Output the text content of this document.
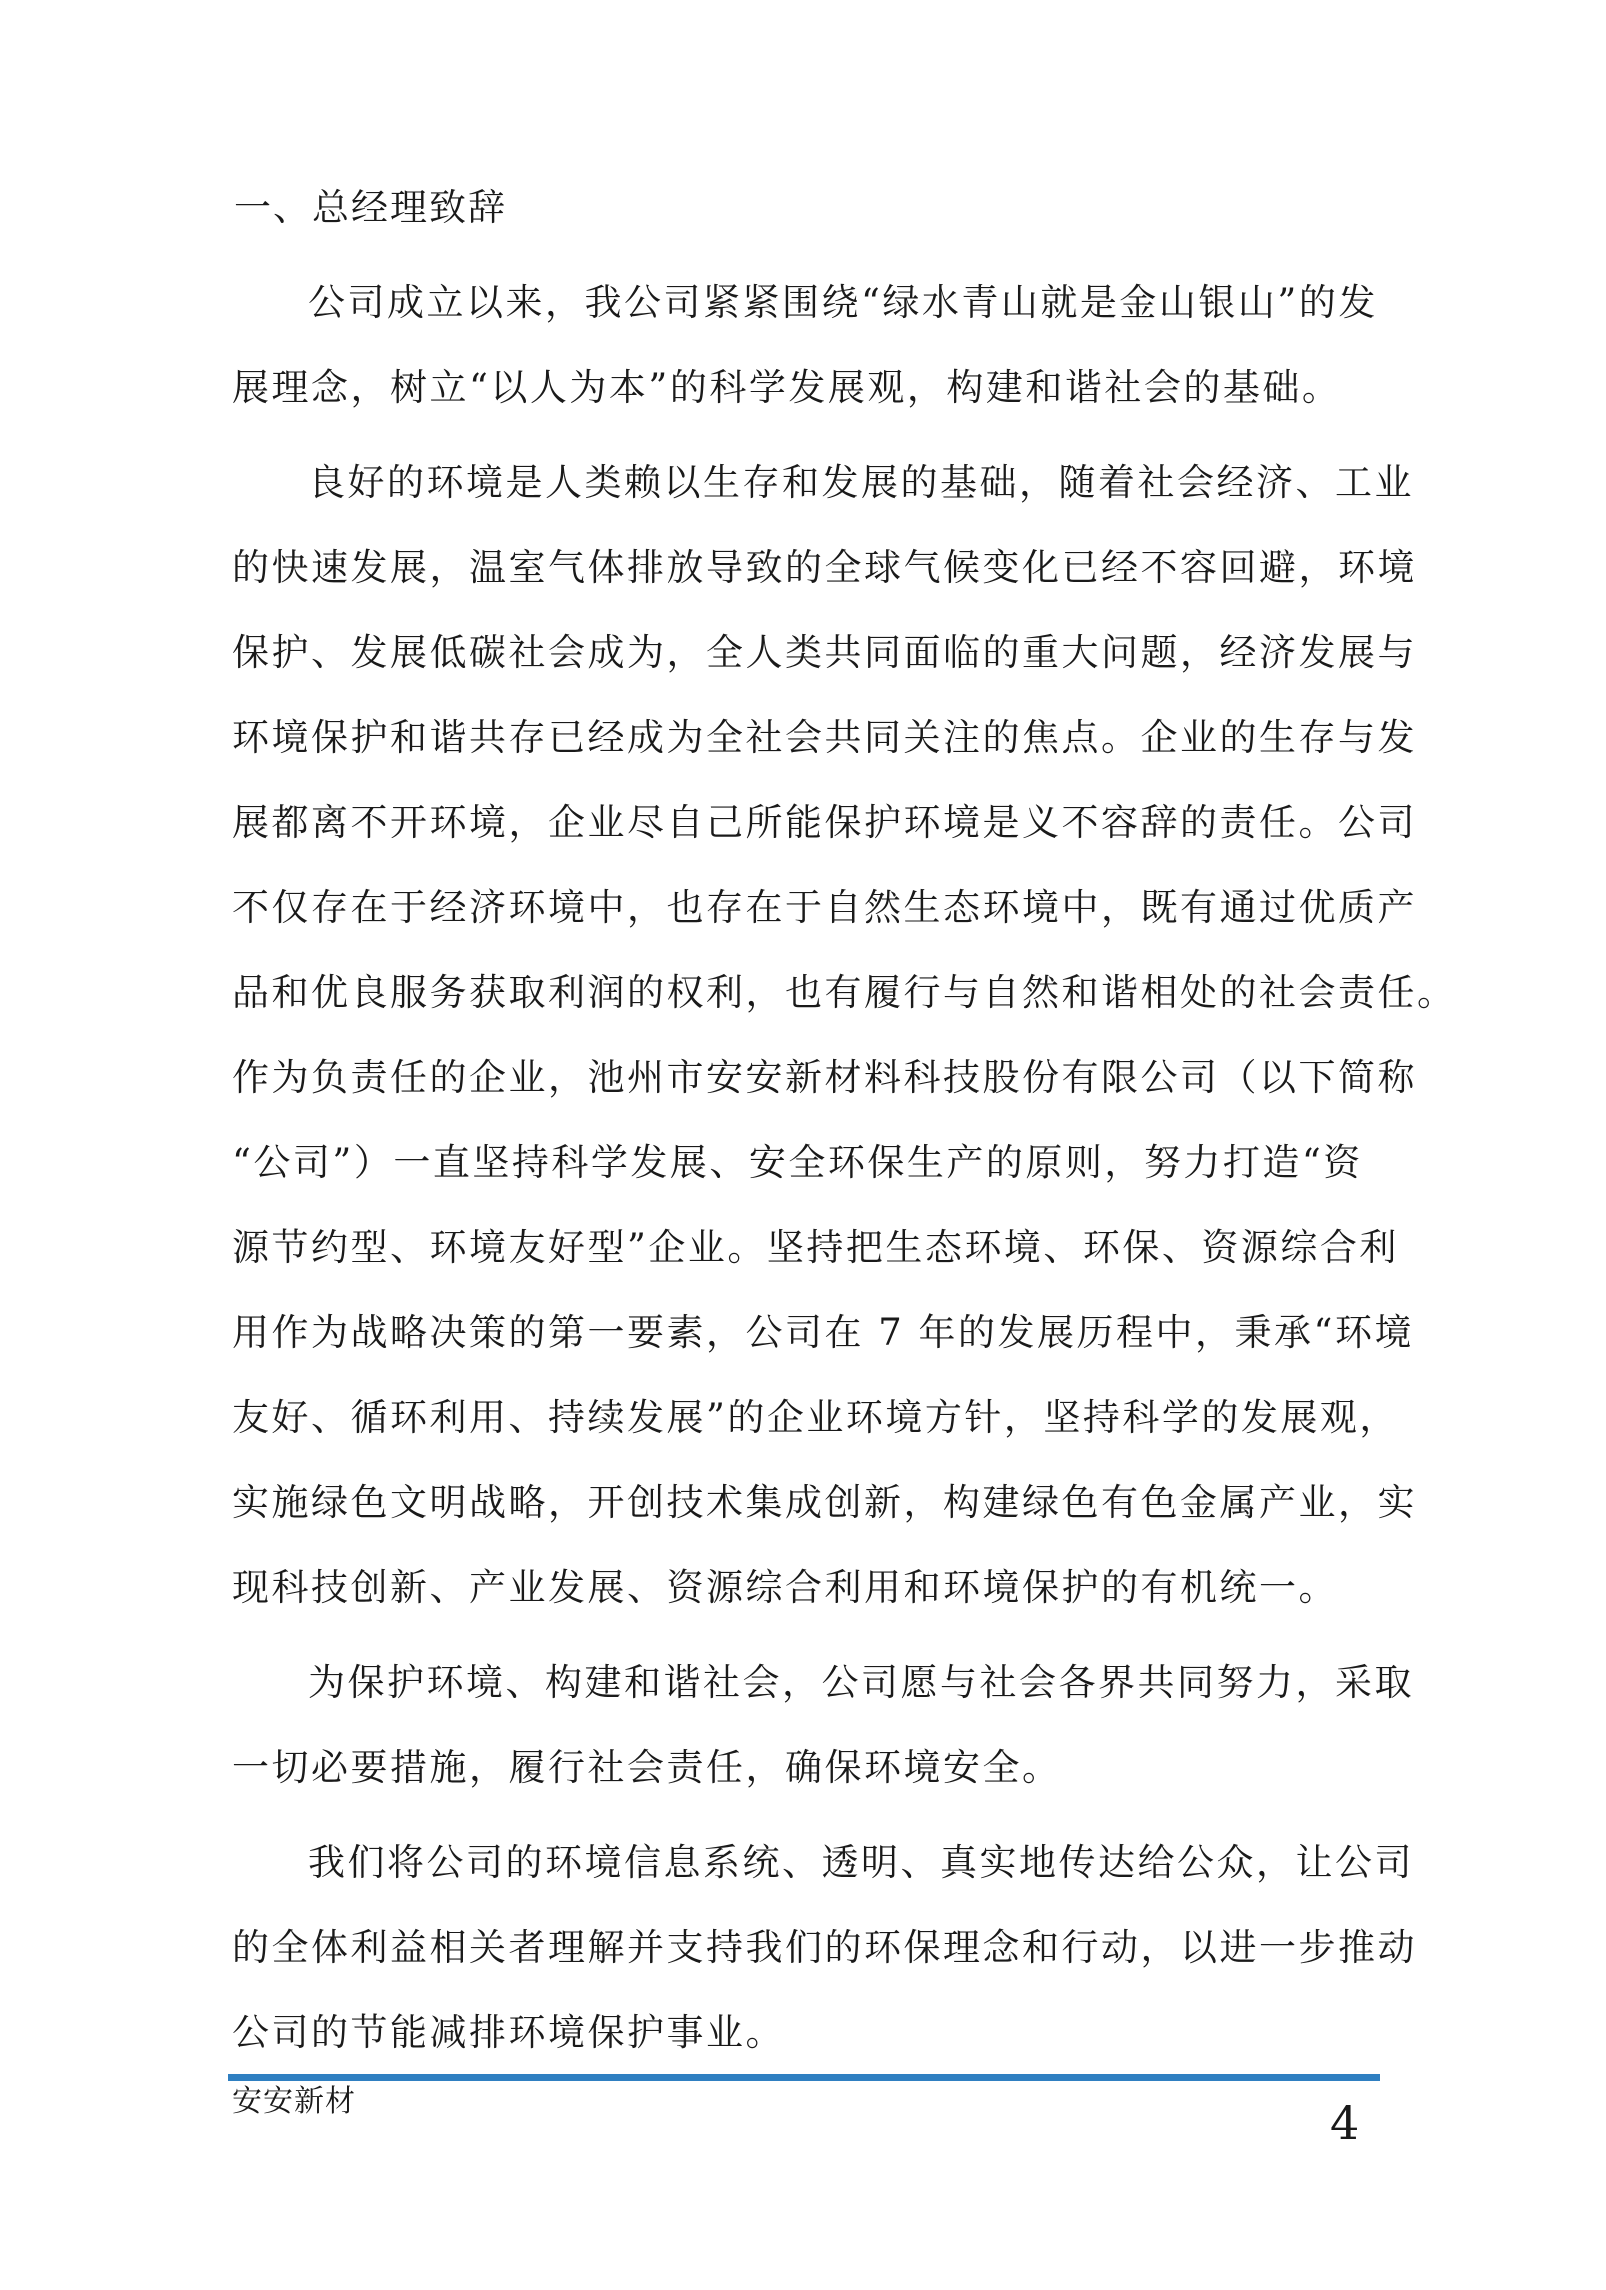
一、总经理致辞
公司成立以来，我公司紧紧围绕“绿水青山就是金山银山”的发
展理念，树立“以人为本”的科学发展观，构建和谐社会的基础。
良好的环境是人类赖以生存和发展的基础，随着社会经济、工业
的快速发展，温室气体排放导致的全球气候变化已经不容回避，环境
保护、发展低碳社会成为，全人类共同面临的重大问题，经济发展与
环境保护和谐共存已经成为全社会共同关注的焦点。企业的生存与发
展都离不开环境，企业尽自己所能保护环境是义不容辞的责任。公司
不仅存在于经济环境中，也存在于自然生态环境中，既有通过优质产
品和优良服务获取利润的权利，也有履行与自然和谐相处的社会责任。
作为负责任的企业，池州市安安新材料科技股份有限公司（以下简称
“公司”）一直坚持科学发展、安全环保生产的原则，努力打造“资
源节约型、环境友好型”企业。坚持把生态环境、环保、资源综合利
用作为战略决策的第一要素，公司在 7 年的发展历程中，秉承“环境
友好、循环利用、持续发展”的企业环境方针，坚持科学的发展观，
实施绿色文明战略，开创技术集成创新，构建绿色有色金属产业，实
现科技创新、产业发展、资源综合利用和环境保护的有机统一。
为保护环境、构建和谐社会，公司愿与社会各界共同努力，采取
一切必要措施，履行社会责任，确保环境安全。
我们将公司的环境信息系统、透明、真实地传达给公众，让公司
的全体利益相关者理解并支持我们的环保理念和行动，以进一步推动
公司的节能减排环境保护事业。
安安新材	4
